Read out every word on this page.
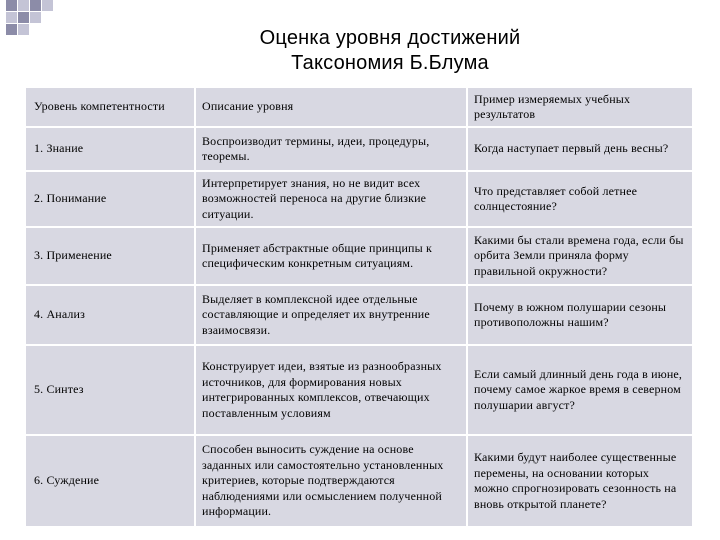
Оценка уровня достижений
Таксономия Б.Блума
Уровень компетентности	Описание уровня	Пример измеряемых учебных результатов
1. Знание	Воспроизводит термины, идеи, процедуры, теоремы.	Когда наступает первый день весны?
2. Понимание	Интерпретирует знания, но не видит всех возможностей переноса на другие близкие ситуации.	Что представляет собой летнее солнцестояние?
3. Применение	Применяет абстрактные общие принципы к специфическим конкретным ситуациям.	Какими бы стали времена года, если бы орбита Земли приняла форму правильной окружности?
4. Анализ	Выделяет в комплексной идее отдельные составляющие и определяет их внутренние взаимосвязи.	Почему в южном полушарии сезоны противоположны нашим?
5. Синтез	Конструирует идеи, взятые из разнообразных источников, для формирования новых интегрированных комплексов, отвечающих поставленным условиям	Если самый длинный день года в июне, почему самое жаркое время в северном полушарии август?
6. Суждение	Способен выносить суждение на основе заданных или самостоятельно установленных критериев, которые подтверждаются наблюдениями или осмыслением полученной информации.	Какими будут наиболее существенные перемены, на основании которых можно спрогнозировать сезонность на вновь открытой планете?
